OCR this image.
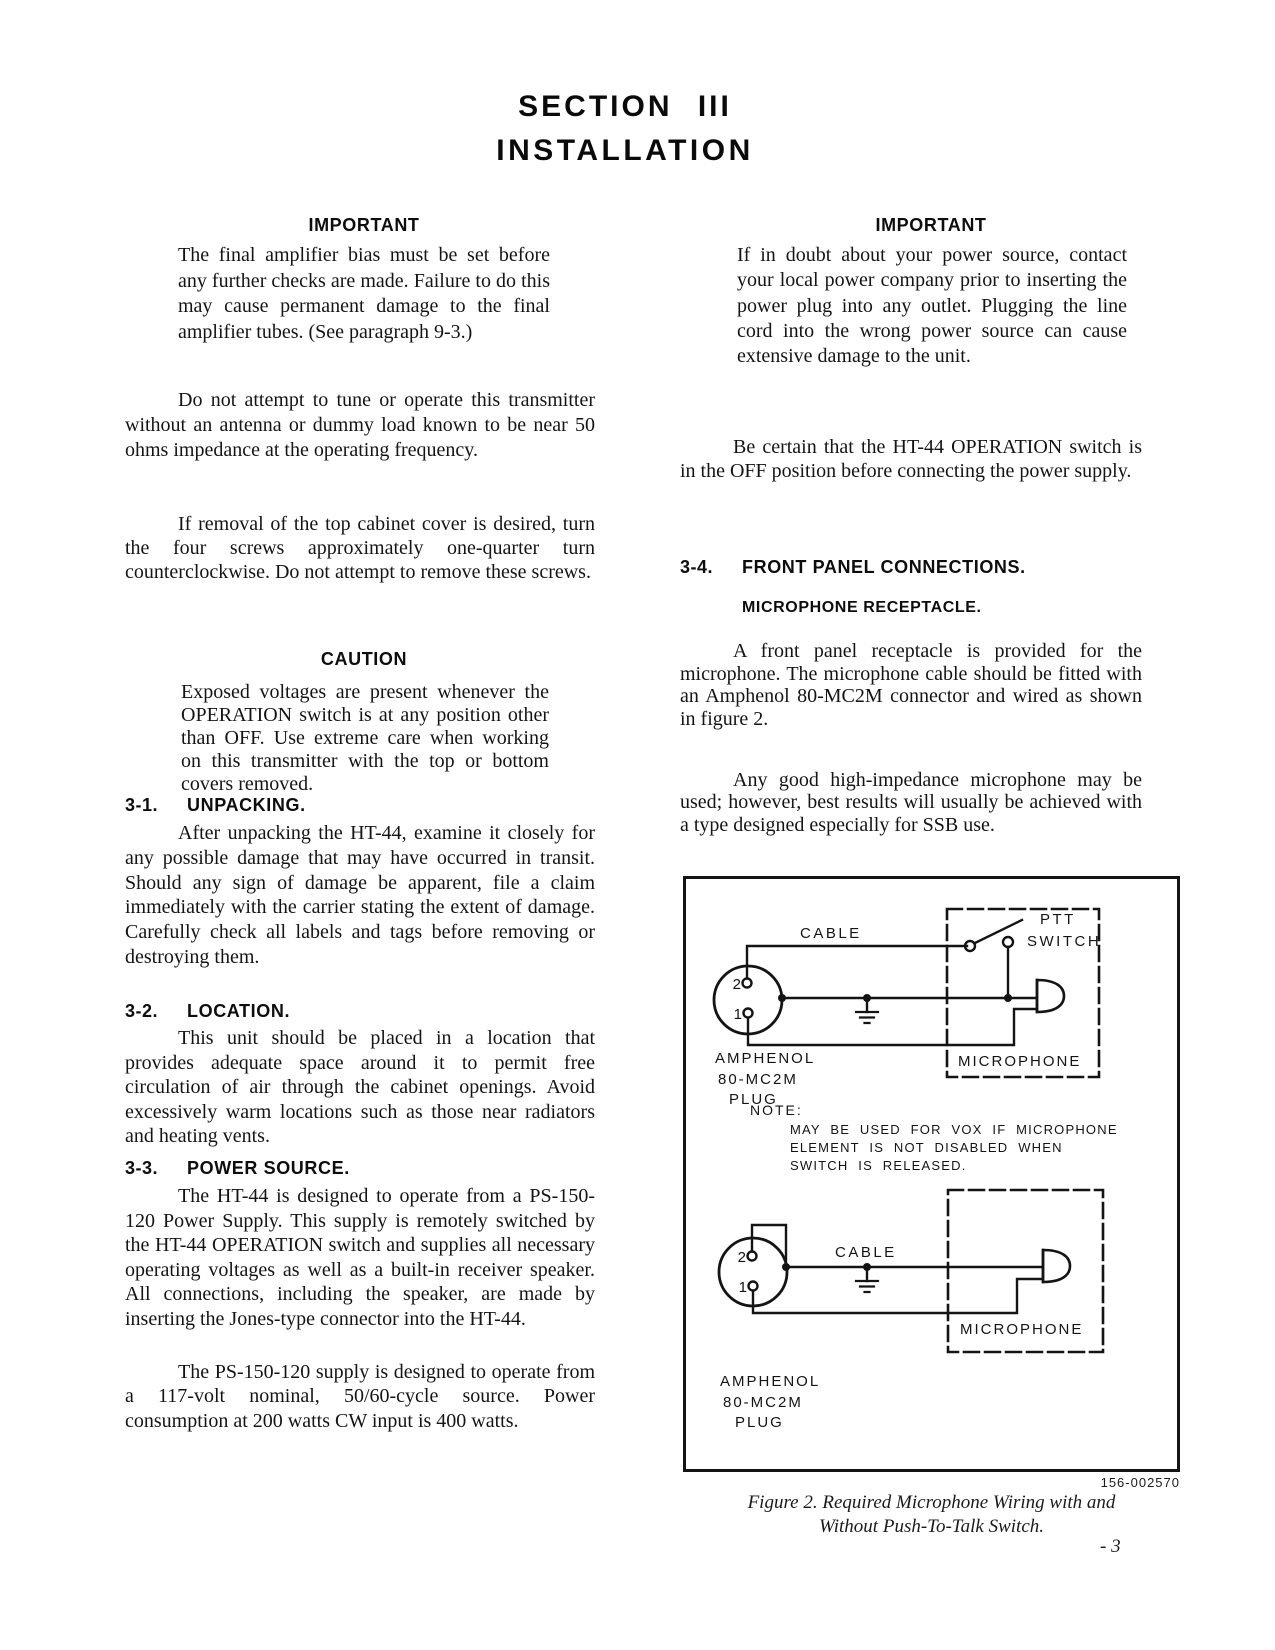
SECTION III
INSTALLATION
IMPORTANT
The final amplifier bias must be set before any further checks are made. Failure to do this may cause permanent damage to the final amplifier tubes. (See paragraph 9-3.)
Do not attempt to tune or operate this transmitter without an antenna or dummy load known to be near 50 ohms impedance at the operating frequency.
If removal of the top cabinet cover is desired, turn the four screws approximately one-quarter turn counterclockwise. Do not attempt to remove these screws.
CAUTION
Exposed voltages are present whenever the OPERATION switch is at any position other than OFF. Use extreme care when working on this transmitter with the top or bottom covers removed.
3-1. UNPACKING.
After unpacking the HT-44, examine it closely for any possible damage that may have occurred in transit. Should any sign of damage be apparent, file a claim immediately with the carrier stating the extent of damage. Carefully check all labels and tags before removing or destroying them.
3-2. LOCATION.
This unit should be placed in a location that provides adequate space around it to permit free circulation of air through the cabinet openings. Avoid excessively warm locations such as those near radiators and heating vents.
3-3. POWER SOURCE.
The HT-44 is designed to operate from a PS-150-120 Power Supply. This supply is remotely switched by the HT-44 OPERATION switch and supplies all necessary operating voltages as well as a built-in receiver speaker. All connections, including the speaker, are made by inserting the Jones-type connector into the HT-44.
The PS-150-120 supply is designed to operate from a 117-volt nominal, 50/60-cycle source. Power consumption at 200 watts CW input is 400 watts.
IMPORTANT
If in doubt about your power source, contact your local power company prior to inserting the power plug into any outlet. Plugging the line cord into the wrong power source can cause extensive damage to the unit.
Be certain that the HT-44 OPERATION switch is in the OFF position before connecting the power supply.
3-4. FRONT PANEL CONNECTIONS.
MICROPHONE RECEPTACLE.
A front panel receptacle is provided for the microphone. The microphone cable should be fitted with an Amphenol 80-MC2M connector and wired as shown in figure 2.
Any good high-impedance microphone may be used; however, best results will usually be achieved with a type designed especially for SSB use.
CABLE
PTT
SWITCH
2
1
AMPHENOL
80-MC2M
PLUG
MICROPHONE
NOTE:
MAY BE USED FOR VOX IF MICROPHONE
ELEMENT IS NOT DISABLED WHEN
SWITCH IS RELEASED.
CABLE
2
1
AMPHENOL
80-MC2M
PLUG
MICROPHONE
156-002570
Figure 2. Required Microphone Wiring with and
Without Push-To-Talk Switch.
- 3
